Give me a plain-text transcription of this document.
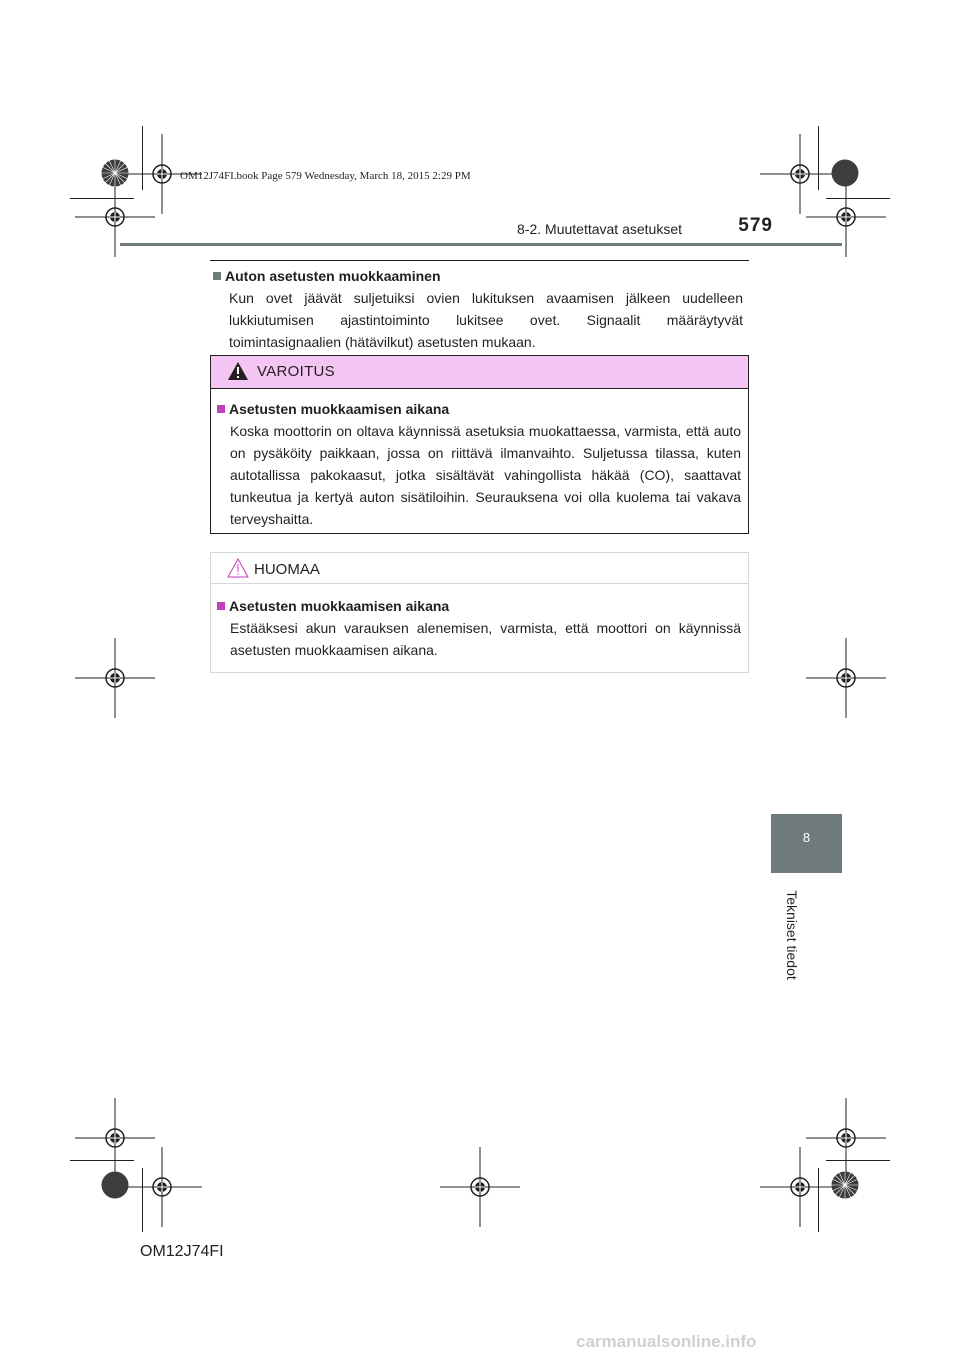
OM12J74FI.book Page 579 Wednesday, March 18, 2015 2:29 PM
8-2. Muutettavat asetukset	579
Auton asetusten muokkaaminen
Kun ovet jäävät suljetuiksi ovien lukituksen avaamisen jälkeen uudelleen lukkiutumisen ajastintoiminto lukitsee ovet. Signaalit määräytyvät toimintasignaalien (hätävilkut) asetusten mukaan.
VAROITUS
Asetusten muokkaamisen aikana
Koska moottorin on oltava käynnissä asetuksia muokattaessa, varmista, että auto on pysäköity paikkaan, jossa on riittävä ilmanvaihto. Suljetussa tilassa, kuten autotallissa pakokaasut, jotka sisältävät vahingollista häkää (CO), saattavat tunkeutua ja kertyä auton sisätiloihin. Seurauksena voi olla kuolema tai vakava terveyshaitta.
HUOMAA
Asetusten muokkaamisen aikana
Estääksesi akun varauksen alenemisen, varmista, että moottori on käynnissä asetusten muokkaamisen aikana.
8
Tekniset tiedot
OM12J74FI
carmanualsonline.info
